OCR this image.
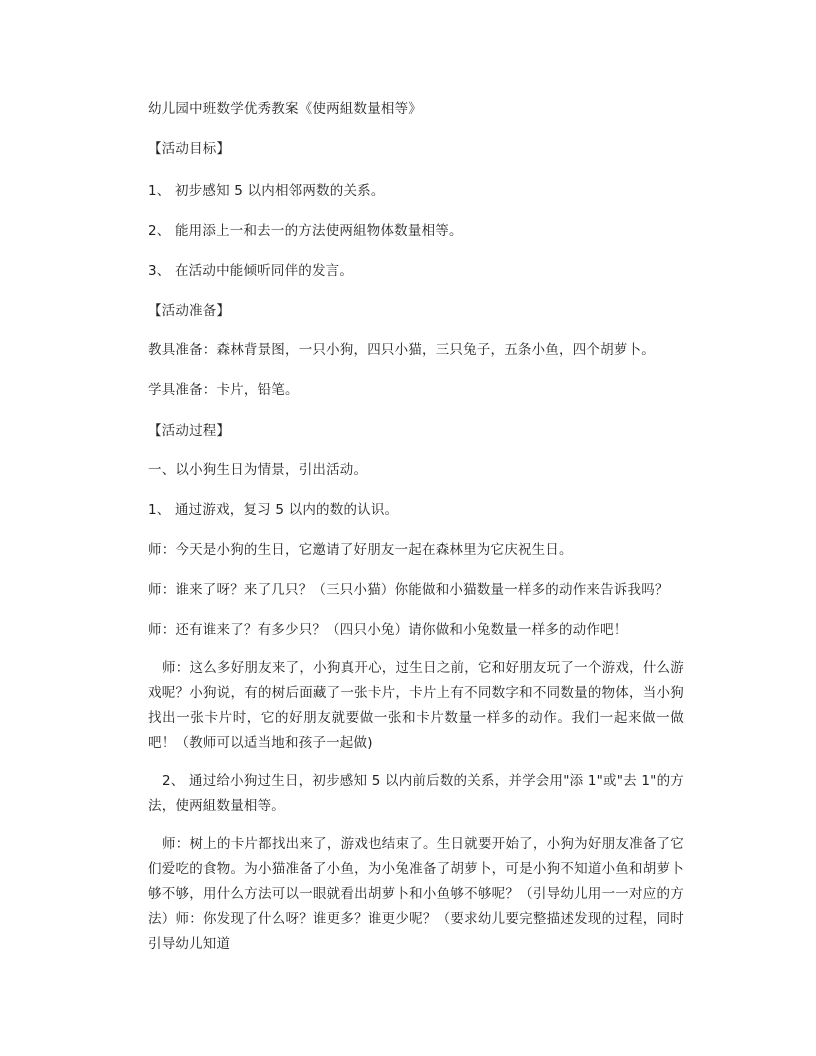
幼儿园中班数学优秀教案《使两組数量相等》
【活动目标】
1、 初步感知 5 以内相邻两数的关系。
2、 能用添上一和去一的方法使两組物体数量相等。
3、 在活动中能倾听同伴的发言。
【活动准备】
教具准备：森林背景图，一只小狗，四只小猫，三只兔子，五条小鱼，四个胡萝卜。
学具准备：卡片，铅笔。
【活动过程】
一、以小狗生日为情景，引出活动。
1、 通过游戏，复习 5 以内的数的认识。
师：今天是小狗的生日，它邀请了好朋友一起在森林里为它庆祝生日。
师：谁来了呀？来了几只？（三只小猫）你能做和小猫数量一样多的动作来告诉我吗？
师：还有谁来了？有多少只？（四只小兔）请你做和小兔数量一样多的动作吧！
师：这么多好朋友来了，小狗真开心，过生日之前，它和好朋友玩了一个游戏，什么游戏呢？小狗说，有的树后面藏了一张卡片，卡片上有不同数字和不同数量的物体，当小狗找出一张卡片时，它的好朋友就要做一张和卡片数量一样多的动作。我们一起来做一做吧！（教师可以适当地和孩子一起做)
2、 通过给小狗过生日，初步感知 5 以内前后数的关系，并学会用"添 1"或"去 1"的方法，使两組数量相等。
师：树上的卡片都找出来了，游戏也结束了。生日就要开始了，小狗为好朋友准备了它们爱吃的食物。为小猫准备了小鱼，为小兔准备了胡萝卜，可是小狗不知道小鱼和胡萝卜够不够，用什么方法可以一眼就看出胡萝卜和小鱼够不够呢？（引导幼儿用一一对应的方法）师：你发现了什么呀？谁更多？谁更少呢？（要求幼儿要完整描述发现的过程，同时引导幼儿知道
